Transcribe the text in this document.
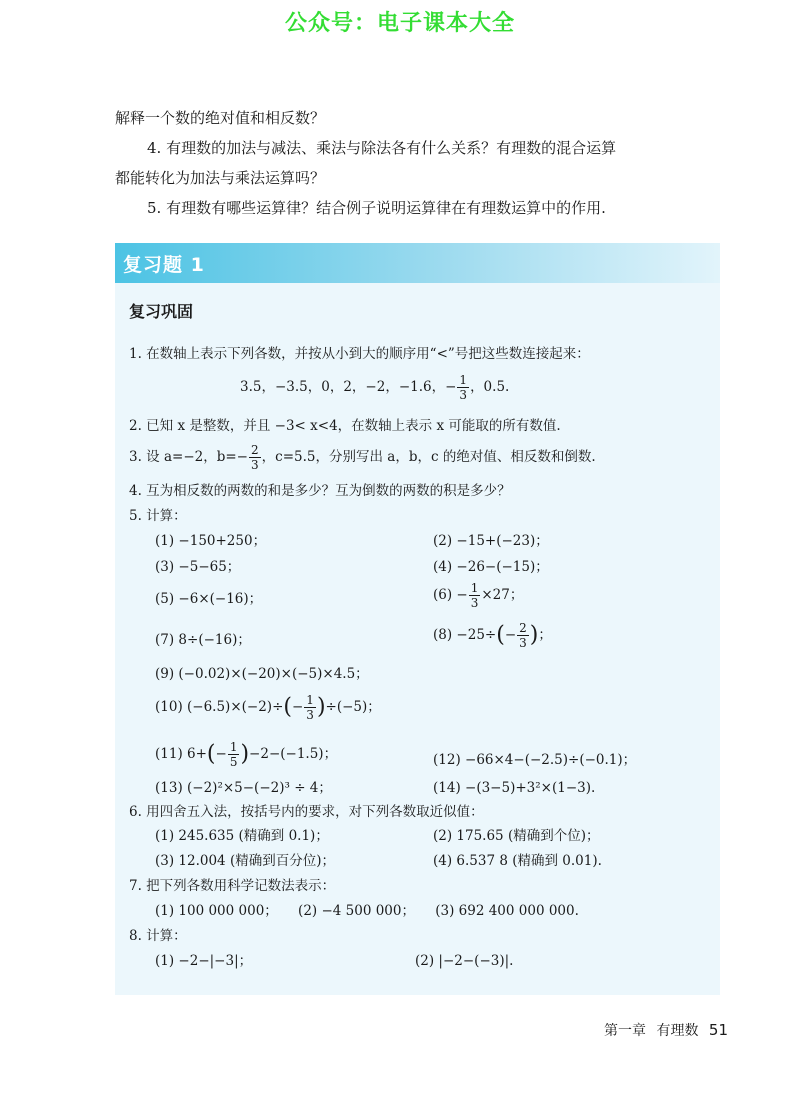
公众号：电子课本大全

解释一个数的绝对值和相反数？

4. 有理数的加法与减法、乘法与除法各有什么关系？有理数的混合运算

都能转化为加法与乘法运算吗？

5. 有理数有哪些运算律？结合例子说明运算律在有理数运算中的作用.

复习题 1
复习巩固
1. 在数轴上表示下列各数，并按从小到大的顺序用“<”号把这些数连接起来：
3.5，−3.5，0，2，−2，−1.6，− $\frac{1}{3}$ ，0.5.
2. 已知 x 是整数，并且 −3< x<4，在数轴上表示 x 可能取的所有数值.
3. 设 a=−2，$b=- \frac{2}{3}$ ，c=5.5，分别写出 a，b，c 的绝对值、相反数和倒数.
4. 互为相反数的两数的和是多少？互为倒数的两数的积是多少？
5. 计算：
(1) −150+250；	(2) −15+(−23)；
(3) −5−65；	(4) −26−(−15)；
(5) −6×(−16)；	$(6) - \frac{1}{3} \times 27$；
(7) 8÷(−16)；	$(8) -25\div(- \frac{2}{3}$ )；
(9) (−0.02)×(−20)×(−5)×4.5；
(10) $(-6.5)\times(-2)\div(- \frac{1}{3} )\div(-5)$；
(11) $6+(- \frac{1}{5} )-2-(-1.5)$；	(12) −66×4−(−2.5)÷(−0.1)；
(13) (−2)²×5−(−2)³ ÷ 4；	(14) −(3−5)+3²×(1−3).
6. 用四舍五入法，按括号内的要求，对下列各数取近似值：
(1) 245.635 (精确到 0.1)；	(2) 175.65 (精确到个位)；
(3) 12.004 (精确到百分位)；	(4) 6.537 8 (精确到 0.01).
7. 把下列各数用科学记数法表示：
(1) 100 000 000；　　(2) −4 500 000；　　(3) 692 400 000 000.
8. 计算：
(1) −2−|−3|；	(2) |−2−(−3)|.
第一章 有理数 51
